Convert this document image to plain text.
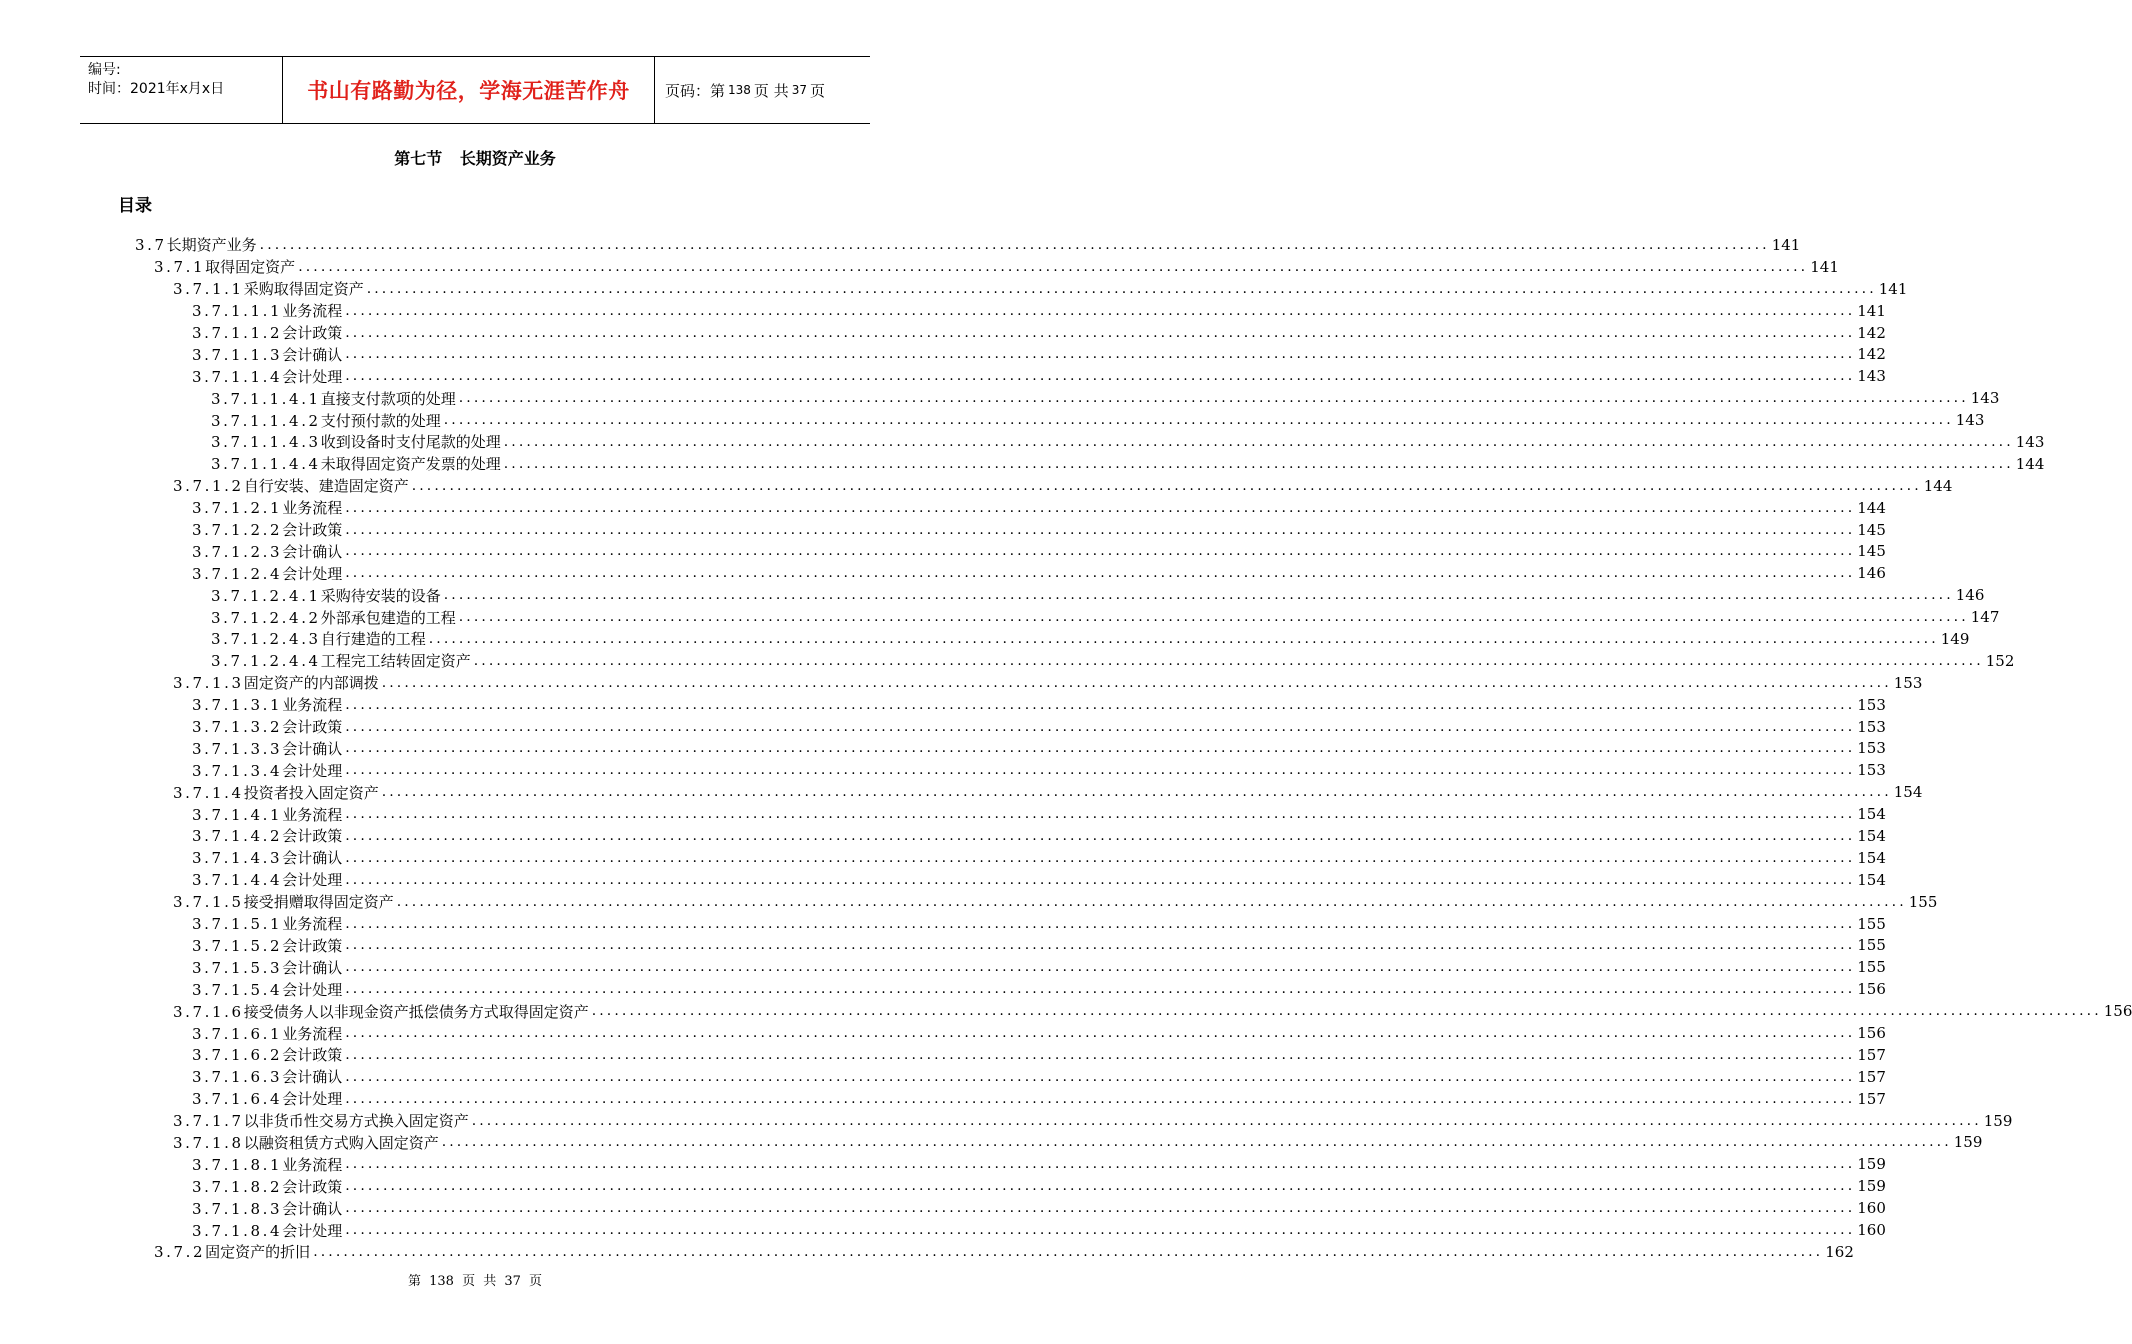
编号:
时间：2021年x月x日	书山有路勤为径，学海无涯苦作舟	页码：第 138 页 共 37 页
第七节 长期资产业务
目录
3.7长期资产业务 ........................................................................................................................................................................................................ 141
3.7.1取得固定资产 ........................................................................................................................................................................................................ 141
3.7.1.1采购取得固定资产 ........................................................................................................................................................................................................ 141
3.7.1.1.1业务流程 ........................................................................................................................................................................................................ 141
3.7.1.1.2会计政策 ........................................................................................................................................................................................................ 142
3.7.1.1.3会计确认 ........................................................................................................................................................................................................ 142
3.7.1.1.4会计处理 ........................................................................................................................................................................................................ 143
3.7.1.1.4.1直接支付款项的处理 ........................................................................................................................................................................................................ 143
3.7.1.1.4.2支付预付款的处理 ........................................................................................................................................................................................................ 143
3.7.1.1.4.3收到设备时支付尾款的处理 ........................................................................................................................................................................................................ 143
3.7.1.1.4.4未取得固定资产发票的处理 ........................................................................................................................................................................................................ 144
3.7.1.2自行安装、建造固定资产 ........................................................................................................................................................................................................ 144
3.7.1.2.1业务流程 ........................................................................................................................................................................................................ 144
3.7.1.2.2会计政策 ........................................................................................................................................................................................................ 145
3.7.1.2.3会计确认 ........................................................................................................................................................................................................ 145
3.7.1.2.4会计处理 ........................................................................................................................................................................................................ 146
3.7.1.2.4.1采购待安装的设备 ........................................................................................................................................................................................................ 146
3.7.1.2.4.2外部承包建造的工程 ........................................................................................................................................................................................................ 147
3.7.1.2.4.3自行建造的工程 ........................................................................................................................................................................................................ 149
3.7.1.2.4.4工程完工结转固定资产 ........................................................................................................................................................................................................ 152
3.7.1.3固定资产的内部调拨 ........................................................................................................................................................................................................ 153
3.7.1.3.1业务流程 ........................................................................................................................................................................................................ 153
3.7.1.3.2会计政策 ........................................................................................................................................................................................................ 153
3.7.1.3.3会计确认 ........................................................................................................................................................................................................ 153
3.7.1.3.4会计处理 ........................................................................................................................................................................................................ 153
3.7.1.4投资者投入固定资产 ........................................................................................................................................................................................................ 154
3.7.1.4.1业务流程 ........................................................................................................................................................................................................ 154
3.7.1.4.2会计政策 ........................................................................................................................................................................................................ 154
3.7.1.4.3会计确认 ........................................................................................................................................................................................................ 154
3.7.1.4.4会计处理 ........................................................................................................................................................................................................ 154
3.7.1.5接受捐赠取得固定资产 ........................................................................................................................................................................................................ 155
3.7.1.5.1业务流程 ........................................................................................................................................................................................................ 155
3.7.1.5.2会计政策 ........................................................................................................................................................................................................ 155
3.7.1.5.3会计确认 ........................................................................................................................................................................................................ 155
3.7.1.5.4会计处理 ........................................................................................................................................................................................................ 156
3.7.1.6接受债务人以非现金资产抵偿债务方式取得固定资产 ........................................................................................................................................................................................................ 156
3.7.1.6.1业务流程 ........................................................................................................................................................................................................ 156
3.7.1.6.2会计政策 ........................................................................................................................................................................................................ 157
3.7.1.6.3会计确认 ........................................................................................................................................................................................................ 157
3.7.1.6.4会计处理 ........................................................................................................................................................................................................ 157
3.7.1.7以非货币性交易方式换入固定资产 ........................................................................................................................................................................................................ 159
3.7.1.8以融资租赁方式购入固定资产 ........................................................................................................................................................................................................ 159
3.7.1.8.1业务流程 ........................................................................................................................................................................................................ 159
3.7.1.8.2会计政策 ........................................................................................................................................................................................................ 159
3.7.1.8.3会计确认 ........................................................................................................................................................................................................ 160
3.7.1.8.4会计处理 ........................................................................................................................................................................................................ 160
3.7.2固定资产的折旧 ........................................................................................................................................................................................................ 162
第 138 页 共 37 页
